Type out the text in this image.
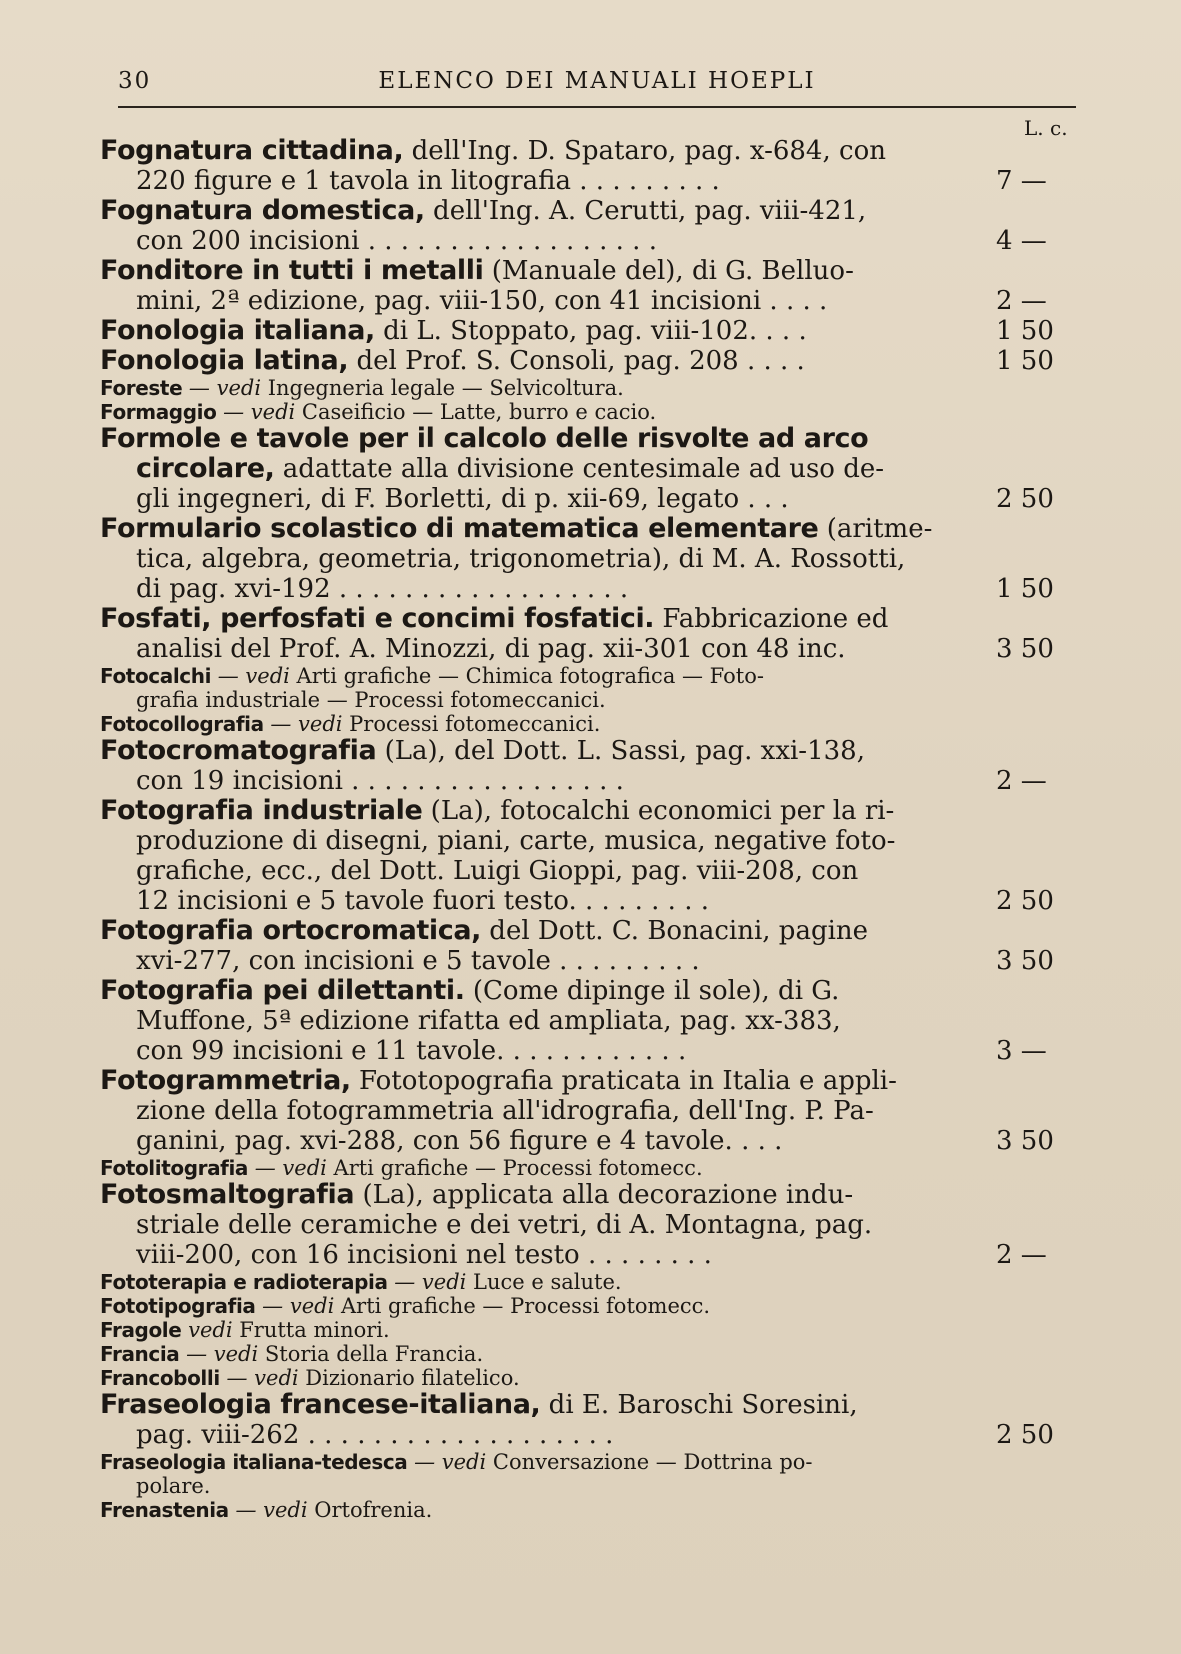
30	ELENCO DEI MANUALI HOEPLI
L. c.
Fognatura cittadina, dell'Ing. D. Spataro, pag. x-684, con
220 figure e 1 tavola in litografia . . . . . . . . .	7 —
Fognatura domestica, dell'Ing. A. Cerutti, pag. viii-421,
con 200 incisioni . . . . . . . . . . . . . . . . . .	4 —
Fonditore in tutti i metalli (Manuale del), di G. Belluo-
mini, 2ª edizione, pag. viii-150, con 41 incisioni . . . .	2 —
Fonologia italiana, di L. Stoppato, pag. viii-102. . . .	1 50
Fonologia latina, del Prof. S. Consoli, pag. 208 . . . .	1 50
Foreste — vedi Ingegneria legale — Selvicoltura.
Formaggio — vedi Caseificio — Latte, burro e cacio.
Formole e tavole per il calcolo delle risvolte ad arco
circolare, adattate alla divisione centesimale ad uso de-
gli ingegneri, di F. Borletti, di p. xii-69, legato . . .	2 50
Formulario scolastico di matematica elementare (aritme-
tica, algebra, geometria, trigonometria), di M. A. Rossotti,
di pag. xvi-192 . . . . . . . . . . . . . . . . . .	1 50
Fosfati, perfosfati e concimi fosfatici. Fabbricazione ed
analisi del Prof. A. Minozzi, di pag. xii-301 con 48 inc.	3 50
Fotocalchi — vedi Arti grafiche — Chimica fotografica — Foto-
grafia industriale — Processi fotomeccanici.
Fotocollografia — vedi Processi fotomeccanici.
Fotocromatografia (La), del Dott. L. Sassi, pag. xxi-138,
con 19 incisioni . . . . . . . . . . . . . . . . .	2 —
Fotografia industriale (La), fotocalchi economici per la ri-
produzione di disegni, piani, carte, musica, negative foto-
grafiche, ecc., del Dott. Luigi Gioppi, pag. viii-208, con
12 incisioni e 5 tavole fuori testo. . . . . . . . .	2 50
Fotografia ortocromatica, del Dott. C. Bonacini, pagine
xvi-277, con incisioni e 5 tavole . . . . . . . . .	3 50
Fotografia pei dilettanti. (Come dipinge il sole), di G.
Muffone, 5ª edizione rifatta ed ampliata, pag. xx-383,
con 99 incisioni e 11 tavole. . . . . . . . . . . .	3 —
Fotogrammetria, Fototopografia praticata in Italia e appli-
zione della fotogrammetria all'idrografia, dell'Ing. P. Pa-
ganini, pag. xvi-288, con 56 figure e 4 tavole. . . .	3 50
Fotolitografia — vedi Arti grafiche — Processi fotomecc.
Fotosmaltografia (La), applicata alla decorazione indu-
striale delle ceramiche e dei vetri, di A. Montagna, pag.
viii-200, con 16 incisioni nel testo . . . . . . . .	2 —
Fototerapia e radioterapia — vedi Luce e salute.
Fototipografia — vedi Arti grafiche — Processi fotomecc.
Fragole vedi Frutta minori.
Francia — vedi Storia della Francia.
Francobolli — vedi Dizionario filatelico.
Fraseologia francese-italiana, di E. Baroschi Soresini,
pag. viii-262 . . . . . . . . . . . . . . . . . . .	2 50
Fraseologia italiana-tedesca — vedi Conversazione — Dottrina po-
polare.
Frenastenia — vedi Ortofrenia.
